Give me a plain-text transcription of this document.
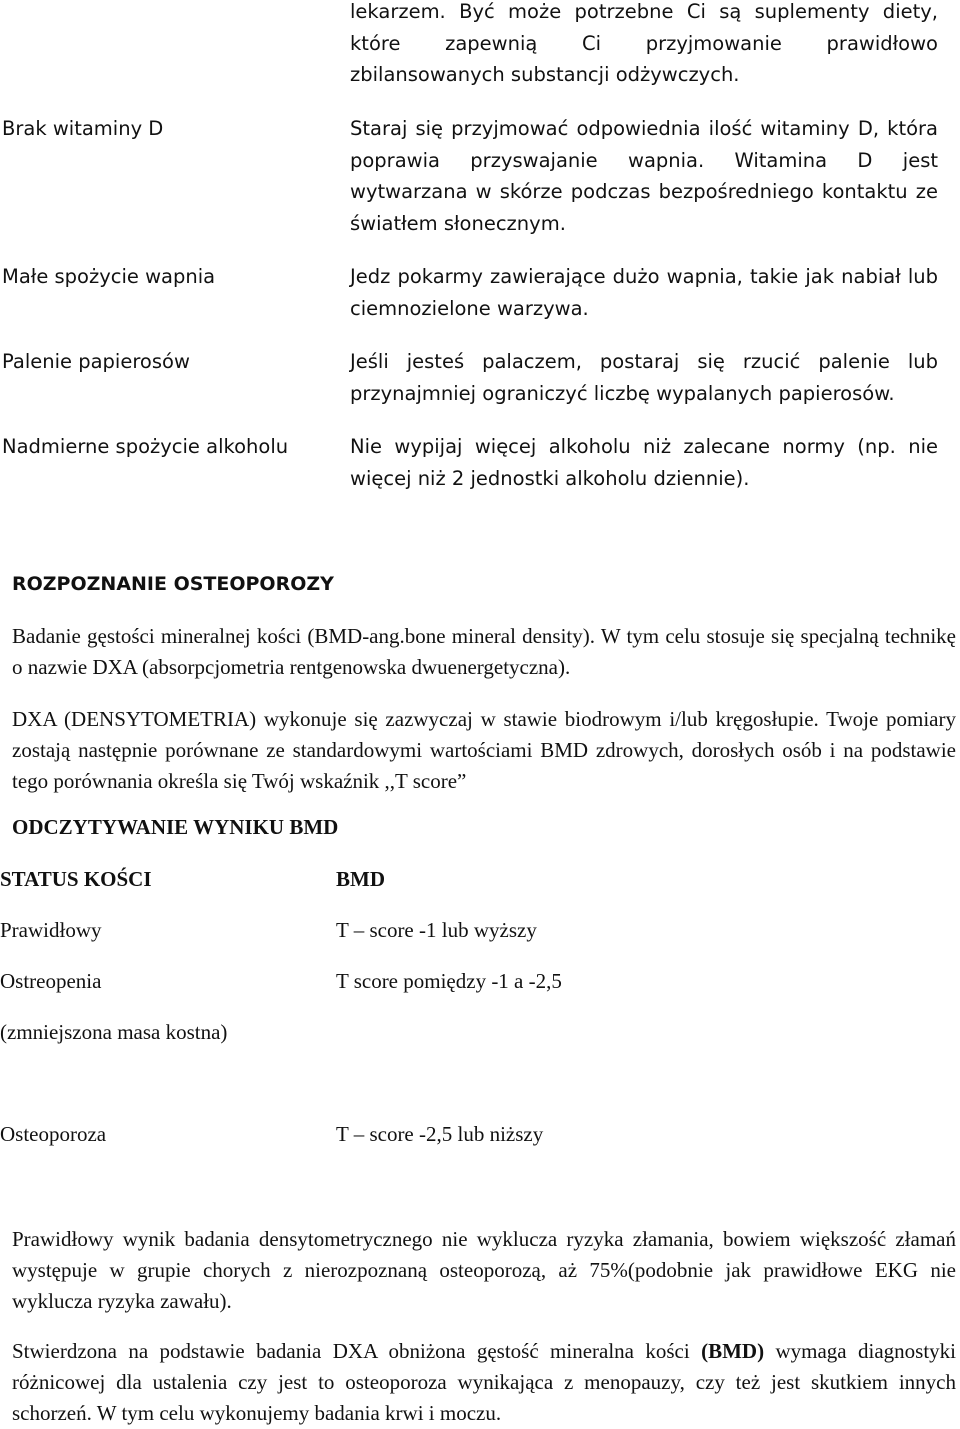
lekarzem. Być może potrzebne Ci są suplementy diety, które zapewnią Ci przyjmowanie prawidłowo zbilansowanych substancji odżywczych.
Brak witaminy D	Staraj się przyjmować odpowiednia ilość witaminy D, która poprawia przyswajanie wapnia. Witamina D jest wytwarzana w skórze podczas bezpośredniego kontaktu ze światłem słonecznym.
Małe spożycie wapnia	Jedz pokarmy zawierające dużo wapnia, takie jak nabiał lub ciemnozielone warzywa.
Palenie papierosów	Jeśli jesteś palaczem, postaraj się rzucić palenie lub przynajmniej ograniczyć liczbę wypalanych papierosów.
Nadmierne spożycie alkoholu	Nie wypijaj więcej alkoholu niż zalecane normy (np. nie więcej niż 2 jednostki alkoholu dziennie).
ROZPOZNANIE OSTEOPOROZY
Badanie gęstości mineralnej kości (BMD-ang.bone mineral density). W tym celu stosuje się specjalną technikę o nazwie DXA (absorpcjometria rentgenowska dwuenergetyczna).
DXA (DENSYTOMETRIA) wykonuje się zazwyczaj w stawie biodrowym i/lub kręgosłupie. Twoje pomiary zostają następnie porównane ze standardowymi wartościami BMD zdrowych, dorosłych osób i na podstawie tego porównania określa się Twój wskaźnik ,,T score”
ODCZYTYWANIE WYNIKU BMD
STATUS KOŚCI	BMD
Prawidłowy	T – score -1 lub wyższy
Ostreopenia	T score pomiędzy -1 a -2,5
(zmniejszona masa kostna)
Osteoporoza	T – score -2,5 lub niższy
Prawidłowy wynik badania densytometrycznego nie wyklucza ryzyka złamania, bowiem większość złamań występuje w grupie chorych z nierozpoznaną osteoporozą, aż 75%(podobnie jak prawidłowe EKG nie wyklucza ryzyka zawału).
Stwierdzona na podstawie badania DXA obniżona gęstość mineralna kości (BMD) wymaga diagnostyki różnicowej dla ustalenia czy jest to osteoporoza wynikająca z menopauzy, czy też jest skutkiem innych schorzeń. W tym celu wykonujemy badania krwi i moczu.
